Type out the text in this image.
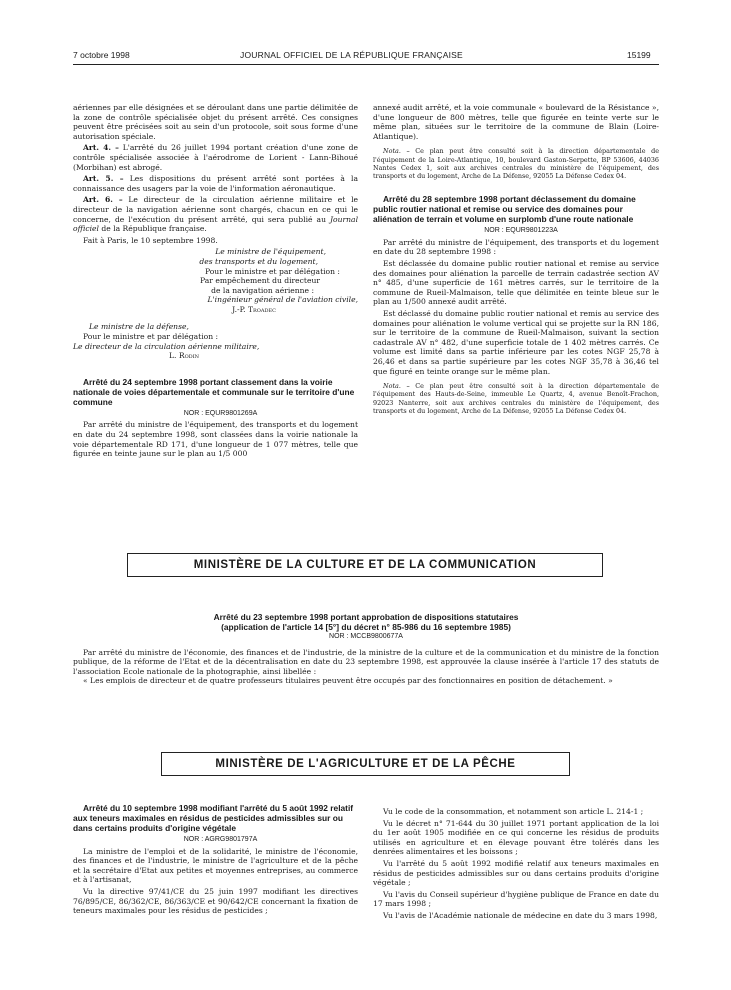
7 octobre 1998	JOURNAL OFFICIEL DE LA RÉPUBLIQUE FRANÇAISE	15199

aériennes par elle désignées et se déroulant dans une partie délimitée de la zone de contrôle spécialisée objet du présent arrêté. Ces consignes peuvent être précisées soit au sein d'un protocole, soit sous forme d'une autorisation spéciale.

Art. 4. – L'arrêté du 26 juillet 1994 portant création d'une zone de contrôle spécialisée associée à l'aérodrome de Lorient - Lann-Bihoué (Morbihan) est abrogé.

Art. 5. – Les dispositions du présent arrêté sont portées à la connaissance des usagers par la voie de l'information aéronautique.

Art. 6. – Le directeur de la circulation aérienne militaire et le directeur de la navigation aérienne sont chargés, chacun en ce qui le concerne, de l'exécution du présent arrêté, qui sera publié au Journal officiel de la République française.

Fait à Paris, le 10 septembre 1998.

Le ministre de l'équipement,

des transports et du logement,

Pour le ministre et par délégation :

Par empêchement du directeur

de la navigation aérienne :

L'ingénieur général de l'aviation civile,

J.-P. Troadec

Le ministre de la défense,

Pour le ministre et par délégation :

Le directeur de la circulation aérienne militaire,

L. Rodin

Arrêté du 24 septembre 1998 portant classement dans la voirie nationale de voies départementale et communale sur le territoire d'une commune

NOR : EQUR9801269A

Par arrêté du ministre de l'équipement, des transports et du logement en date du 24 septembre 1998, sont classées dans la voirie nationale la voie départementale RD 171, d'une longueur de 1 077 mètres, telle que figurée en teinte jaune sur le plan au 1/5 000

annexé audit arrêté, et la voie communale « boulevard de la Résistance », d'une longueur de 800 mètres, telle que figurée en teinte verte sur le même plan, situées sur le territoire de la commune de Blain (Loire-Atlantique).

Nota. – Ce plan peut être consulté soit à la direction départementale de l'équipement de la Loire-Atlantique, 10, boulevard Gaston-Serpette, BP 53606, 44036 Nantes Cedex 1, soit aux archives centrales du ministère de l'équipement, des transports et du logement, Arche de La Défense, 92055 La Défense Cedex 04.

Arrêté du 28 septembre 1998 portant déclassement du domaine public routier national et remise ou service des domaines pour aliénation de terrain et volume en surplomb d'une route nationale

NOR : EQUR9801223A

Par arrêté du ministre de l'équipement, des transports et du logement en date du 28 septembre 1998 :

Est déclassée du domaine public routier national et remise au service des domaines pour aliénation la parcelle de terrain cadastrée section AV n° 485, d'une superficie de 161 mètres carrés, sur le territoire de la commune de Rueil-Malmaison, telle que délimitée en teinte bleue sur le plan au 1/500 annexé audit arrêté.

Est déclassé du domaine public routier national et remis au service des domaines pour aliénation le volume vertical qui se projette sur la RN 186, sur le territoire de la commune de Rueil-Malmaison, suivant la section cadastrale AV n° 482, d'une superficie totale de 1 402 mètres carrés. Ce volume est limité dans sa partie inférieure par les cotes NGF 25,78 à 26,46 et dans sa partie supérieure par les cotes NGF 35,78 à 36,46 tel que figuré en teinte orange sur le même plan.

Nota. – Ce plan peut être consulté soit à la direction départementale de l'équipement des Hauts-de-Seine, immeuble Le Quartz, 4, avenue Benoît-Frachon, 92023 Nanterre, soit aux archives centrales du ministère de l'équipement, des transports et du logement, Arche de La Défense, 92055 La Défense Cedex 04.

MINISTÈRE DE LA CULTURE ET DE LA COMMUNICATION
Arrêté du 23 septembre 1998 portant approbation de dispositions statutaires
(application de l'article 14 [5°] du décret n° 85-986 du 16 septembre 1985)
NOR : MCCB9800677A

Par arrêté du ministre de l'économie, des finances et de l'industrie, de la ministre de la culture et de la communication et du ministre de la fonction publique, de la réforme de l'Etat et de la décentralisation en date du 23 septembre 1998, est approuvée la clause insérée à l'article 17 des statuts de l'association Ecole nationale de la photographie, ainsi libellée :

« Les emplois de directeur et de quatre professeurs titulaires peuvent être occupés par des fonctionnaires en position de détachement. »

MINISTÈRE DE L'AGRICULTURE ET DE LA PÊCHE

Arrêté du 10 septembre 1998 modifiant l'arrêté du 5 août 1992 relatif aux teneurs maximales en résidus de pesticides admissibles sur ou dans certains produits d'origine végétale

NOR : AGRG9801797A

La ministre de l'emploi et de la solidarité, le ministre de l'économie, des finances et de l'industrie, le ministre de l'agriculture et de la pêche et la secrétaire d'Etat aux petites et moyennes entreprises, au commerce et à l'artisanat,

Vu la directive 97/41/CE du 25 juin 1997 modifiant les directives 76/895/CE, 86/362/CE, 86/363/CE et 90/642/CE concernant la fixation de teneurs maximales pour les résidus de pesticides ;

Vu le code de la consommation, et notamment son article L. 214-1 ;

Vu le décret n° 71-644 du 30 juillet 1971 portant application de la loi du 1er août 1905 modifiée en ce qui concerne les résidus de produits utilisés en agriculture et en élevage pouvant être tolérés dans les denrées alimentaires et les boissons ;

Vu l'arrêté du 5 août 1992 modifié relatif aux teneurs maximales en résidus de pesticides admissibles sur ou dans certains produits d'origine végétale ;

Vu l'avis du Conseil supérieur d'hygiène publique de France en date du 17 mars 1998 ;

Vu l'avis de l'Académie nationale de médecine en date du 3 mars 1998,
